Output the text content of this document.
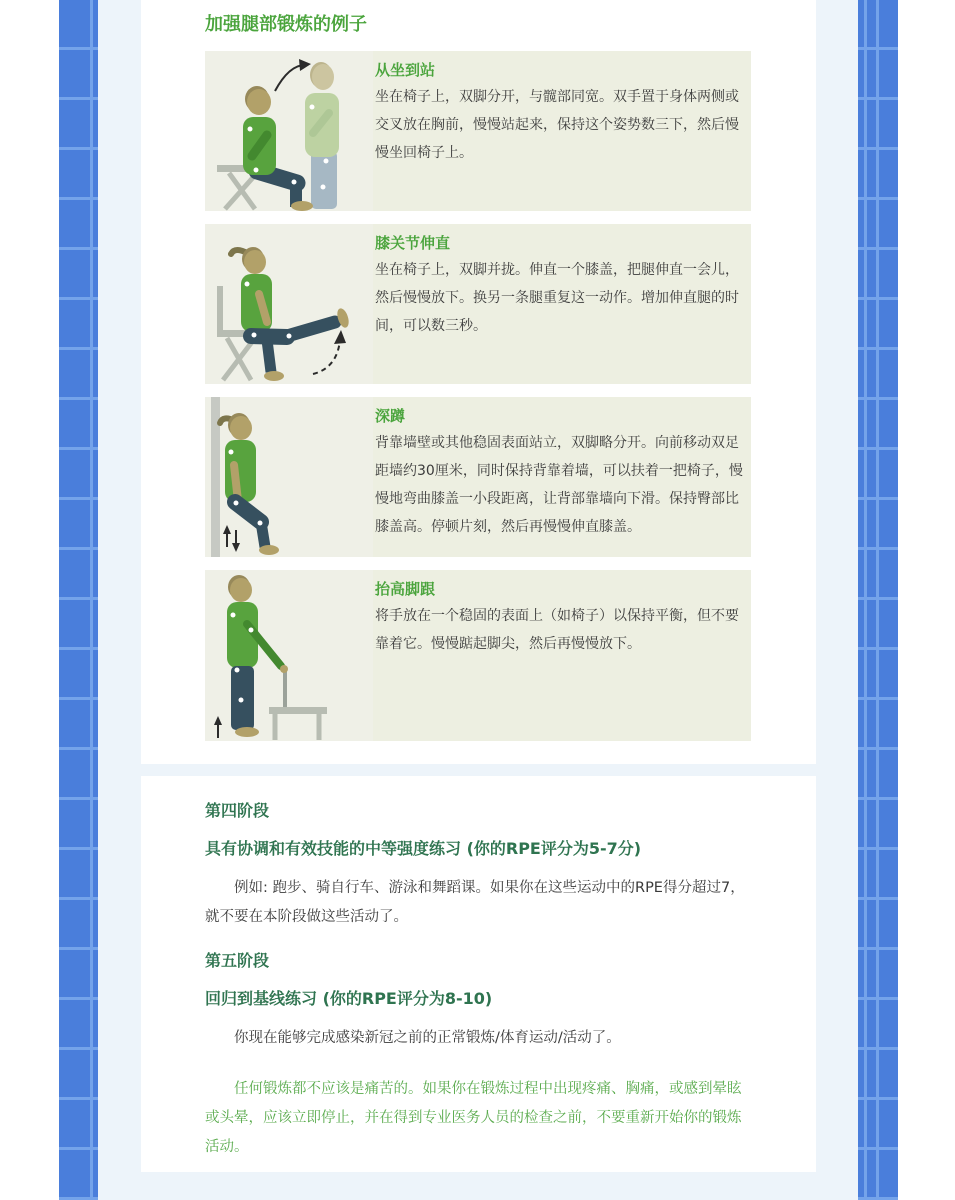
加强腿部锻炼的例子
从坐到站
坐在椅子上，双脚分开，与髋部同宽。双手置于身体两侧或交叉放在胸前，慢慢站起来，保持这个姿势数三下，然后慢慢坐回椅子上。
膝关节伸直
坐在椅子上，双脚并拢。伸直一个膝盖，把腿伸直一会儿，然后慢慢放下。换另一条腿重复这一动作。增加伸直腿的时间，可以数三秒。
深蹲
背靠墙壁或其他稳固表面站立，双脚略分开。向前移动双足距墙约30厘米，同时保持背靠着墙，可以扶着一把椅子，慢慢地弯曲膝盖一小段距离，让背部靠墙向下滑。保持臀部比膝盖高。停顿片刻，然后再慢慢伸直膝盖。
抬高脚跟
将手放在一个稳固的表面上（如椅子）以保持平衡，但不要靠着它。慢慢踮起脚尖，然后再慢慢放下。
第四阶段
具有协调和有效技能的中等强度练习 (你的RPE评分为5-7分)

例如: 跑步、骑自行车、游泳和舞蹈课。如果你在这些运动中的RPE得分超过7，就不要在本阶段做这些活动了。

第五阶段
回归到基线练习 (你的RPE评分为8-10)

你现在能够完成感染新冠之前的正常锻炼/体育运动/活动了。

任何锻炼都不应该是痛苦的。如果你在锻炼过程中出现疼痛、胸痛，或感到晕眩或头晕，应该立即停止，并在得到专业医务人员的检查之前，不要重新开始你的锻炼活动。
